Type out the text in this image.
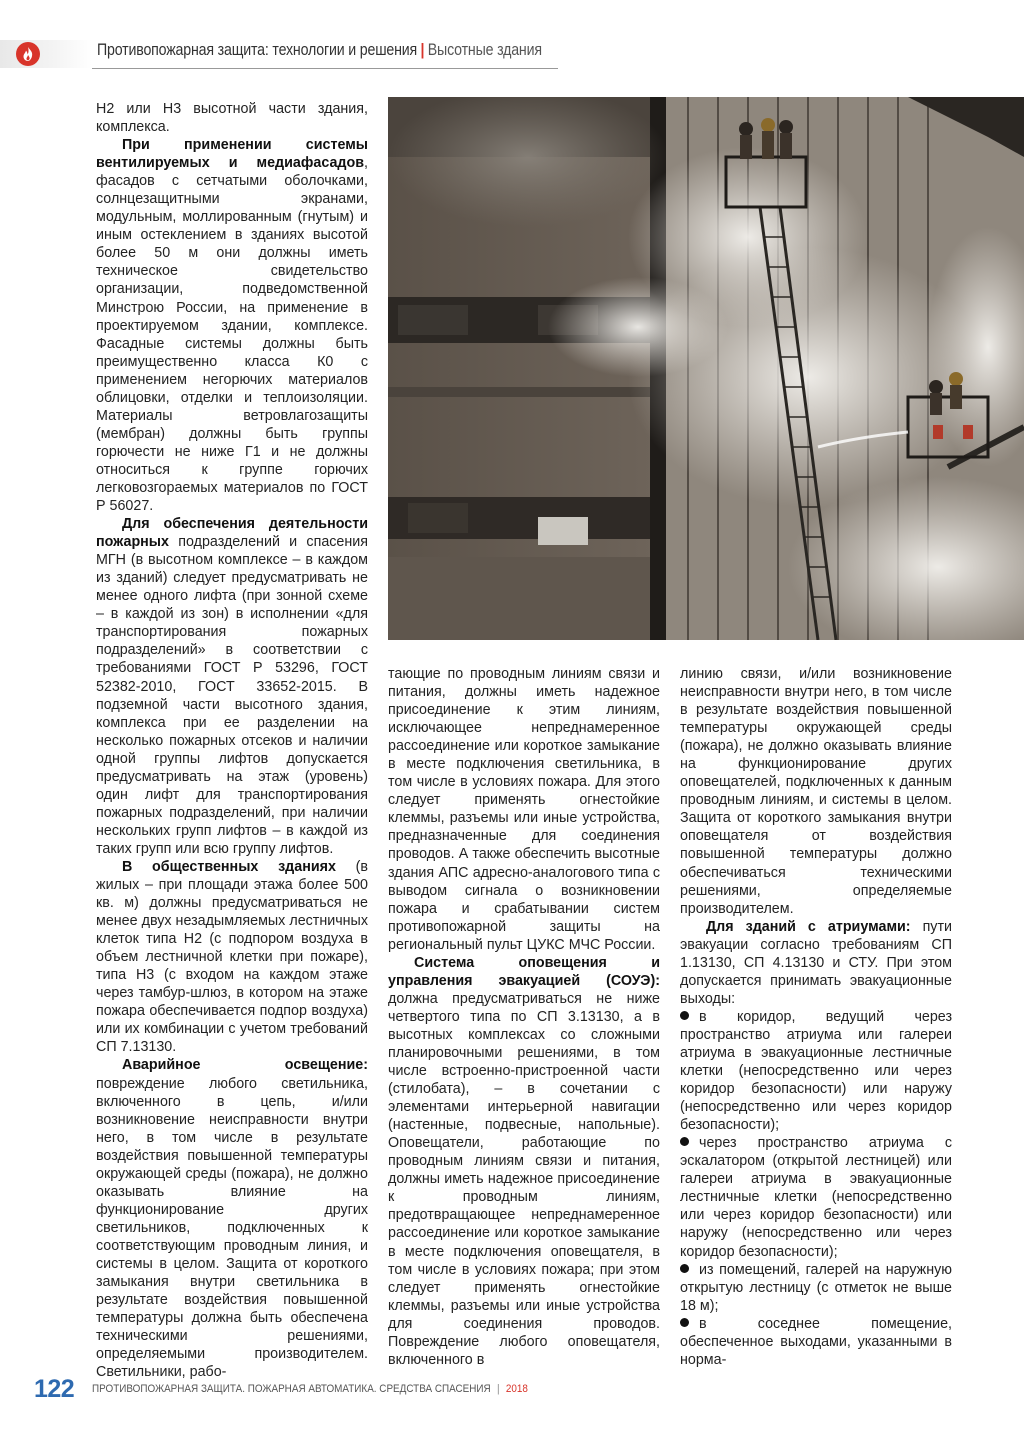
Противопожарная защита: технологии и решения | Высотные здания

Н2 или Н3 высотной части здания, комплекса.

При применении системы вентилируемых и медиафасадов, фасадов с сетчатыми оболочками, солнцезащитными экранами, модульным, моллированным (гнутым) и иным остеклением в зданиях высотой более 50 м они должны иметь техническое свидетельство организации, подведомственной Минстрою России, на применение в проектируемом здании, комплексе. Фасадные системы должны быть преимущественно класса К0 с применением негорючих материалов облицовки, отделки и теплоизоляции. Материалы ветровлагозащиты (мембран) должны быть группы горючести не ниже Г1 и не должны относиться к группе горючих легковозгораемых материалов по ГОСТ Р 56027.

Для обеспечения деятельности пожарных подразделений и спасения МГН (в высотном комплексе – в каждом из зданий) следует предусматривать не менее одного лифта (при зонной схеме – в каждой из зон) в исполнении «для транспортирования пожарных подразделений» в соответствии с требованиями ГОСТ Р 53296, ГОСТ 52382-2010, ГОСТ 33652-2015. В подземной части высотного здания, комплекса при ее разделении на несколько пожарных отсеков и наличии одной группы лифтов допускается предусматривать на этаж (уровень) один лифт для транспортирования пожарных подразделений, при наличии нескольких групп лифтов – в каждой из таких групп или всю группу лифтов.

В общественных зданиях (в жилых – при площади этажа более 500 кв. м) должны предусматриваться не менее двух незадымляемых лестничных клеток типа Н2 (с подпором воздуха в объем лестничной клетки при пожаре), типа Н3 (с входом на каждом этаже через тамбур-шлюз, в котором на этаже пожара обеспечивается подпор воздуха) или их комбинации с учетом требований СП 7.13130.

Аварийное освещение: повреждение любого светильника, включенного в цепь, и/или возникновение неисправности внутри него, в том числе в результате воздействия повышенной температуры окружающей среды (пожара), не должно оказывать влияние на функционирование других светильников, подключенных к соответствующим проводным линия, и системы в целом. Защита от короткого замыкания внутри светильника в результате воздействия повышенной температуры должна быть обеспечена техническими решениями, определяемыми производителем. Светильники, рабо-

тающие по проводным линиям связи и питания, должны иметь надежное присоединение к этим линиям, исключающее непреднамеренное рассоединение или короткое замыкание в месте подключения светильника, в том числе в условиях пожара. Для этого следует применять огнестойкие клеммы, разъемы или иные устройства, предназначенные для соединения проводов. А также обеспечить высотные здания АПС адресно-аналогового типа с выводом сигнала о возникновении пожара и срабатывании систем противопожарной защиты на региональный пульт ЦУКС МЧС России.

Система оповещения и управления эвакуацией (СОУЭ): должна предусматриваться не ниже четвертого типа по СП 3.13130, а в высотных комплексах со сложными планировочными решениями, в том числе встроенно-пристроенной части (стилобата), – в сочетании с элементами интерьерной навигации (настенные, подвесные, напольные). Оповещатели, работающие по проводным линиям связи и питания, должны иметь надежное присоединение к проводным линиям, предотвращающее непреднамеренное рассоединение или короткое замыкание в месте подключения оповещателя, в том числе в условиях пожара; при этом следует применять огнестойкие клеммы, разъемы или иные устройства для соединения проводов. Повреждение любого оповещателя, включенного в

линию связи, и/или возникновение неисправности внутри него, в том числе в результате воздействия повышенной температуры окружающей среды (пожара), не должно оказывать влияние на функционирование других оповещателей, подключенных к данным проводным линиям, и системы в целом. Защита от короткого замыкания внутри оповещателя от воздействия повышенной температуры должно обеспечиваться техническими решениями, определяемые производителем.

Для зданий с атриумами: пути эвакуации согласно требованиям СП 1.13130, СП 4.13130 и СТУ. При этом допускается принимать эвакуационные выходы:

в коридор, ведущий через пространство атриума или галереи атриума в эвакуационные лестничные клетки (непосредственно или через коридор безопасности) или наружу (непосредственно или через коридор безопасности);

через пространство атриума с эскалатором (открытой лестницей) или галереи атриума в эвакуационные лестничные клетки (непосредственно или через коридор безопасности) или наружу (непосредственно или через коридор безопасности);

из помещений, галерей на наружную открытую лестницу (с отметок не выше 18 м);

в соседнее помещение, обеспеченное выходами, указанными в норма-

122 ПРОТИВОПОЖАРНАЯ ЗАЩИТА. ПОЖАРНАЯ АВТОМАТИКА. СРЕДСТВА СПАСЕНИЯ | 2018
